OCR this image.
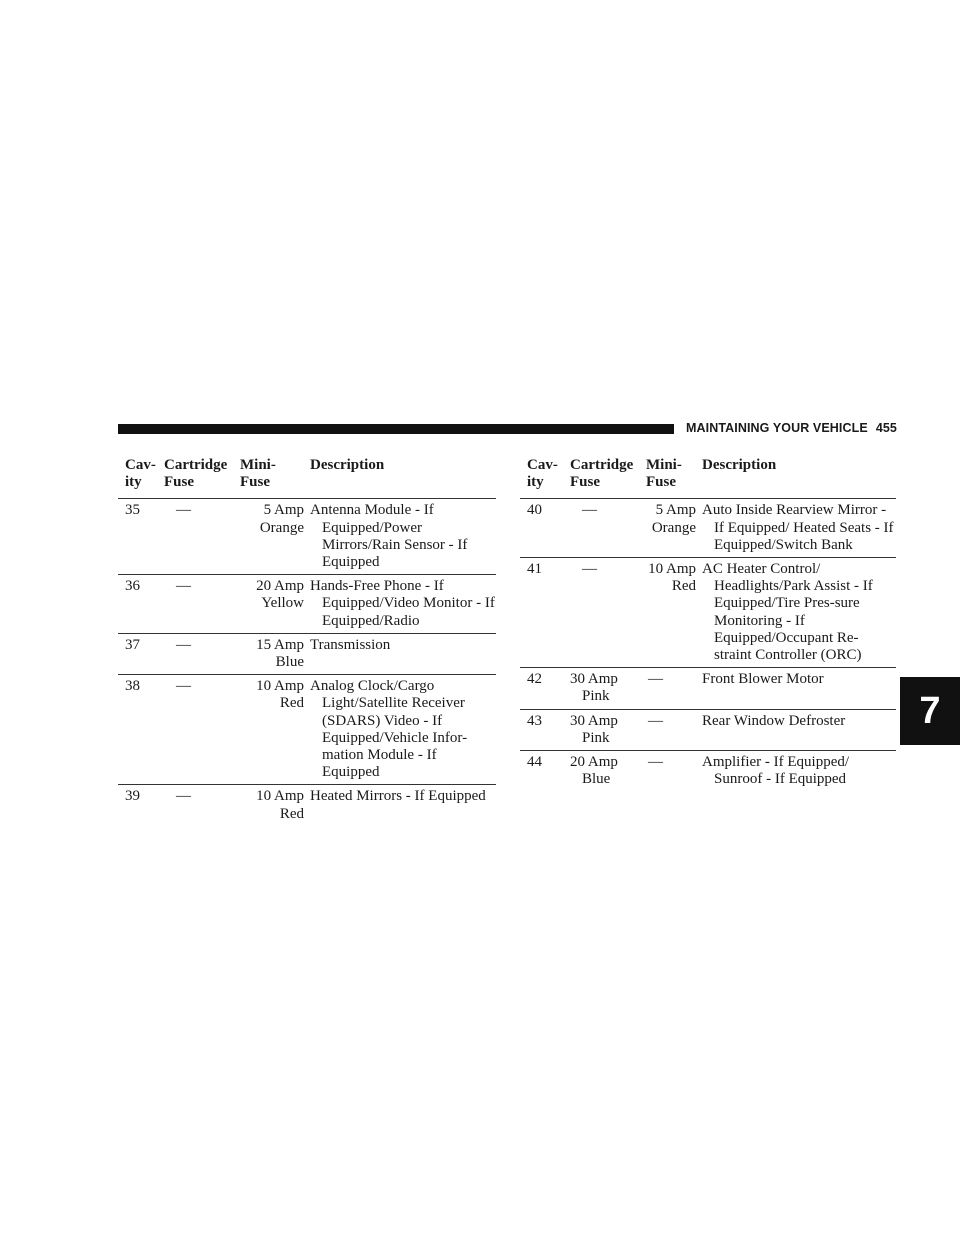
MAINTAINING YOUR VEHICLE 455
7
Cav-
ity	Cartridge
Fuse	Mini-
Fuse	Description
35	—	5 Amp
Orange	Antenna Module - If Equipped/Power Mirrors/Rain Sensor - If Equipped

36	—	20 Amp
Yellow	Hands-Free Phone - If Equipped/Video Monitor - If Equipped/Radio

37	—	15 Amp
Blue	Transmission

38	—	10 Amp
Red	Analog Clock/Cargo Light/Satellite Receiver (SDARS) Video - If Equipped/Vehicle Infor-mation Module - If Equipped

39	—	10 Amp
Red	Heated Mirrors - If Equipped
Cav-
ity	Cartridge
Fuse	Mini-
Fuse	Description
40	—	5 Amp
Orange	Auto Inside Rearview Mirror - If Equipped/ Heated Seats - If Equipped/Switch Bank

41	—	10 Amp
Red	AC Heater Control/ Headlights/Park Assist - If Equipped/Tire Pres-sure Monitoring - If Equipped/Occupant Re-straint Controller (ORC)

42	30 Amp
Pink	—	Front Blower Motor

43	30 Amp
Pink	—	Rear Window Defroster

44	20 Amp
Blue	—	Amplifier - If Equipped/ Sunroof - If Equipped
